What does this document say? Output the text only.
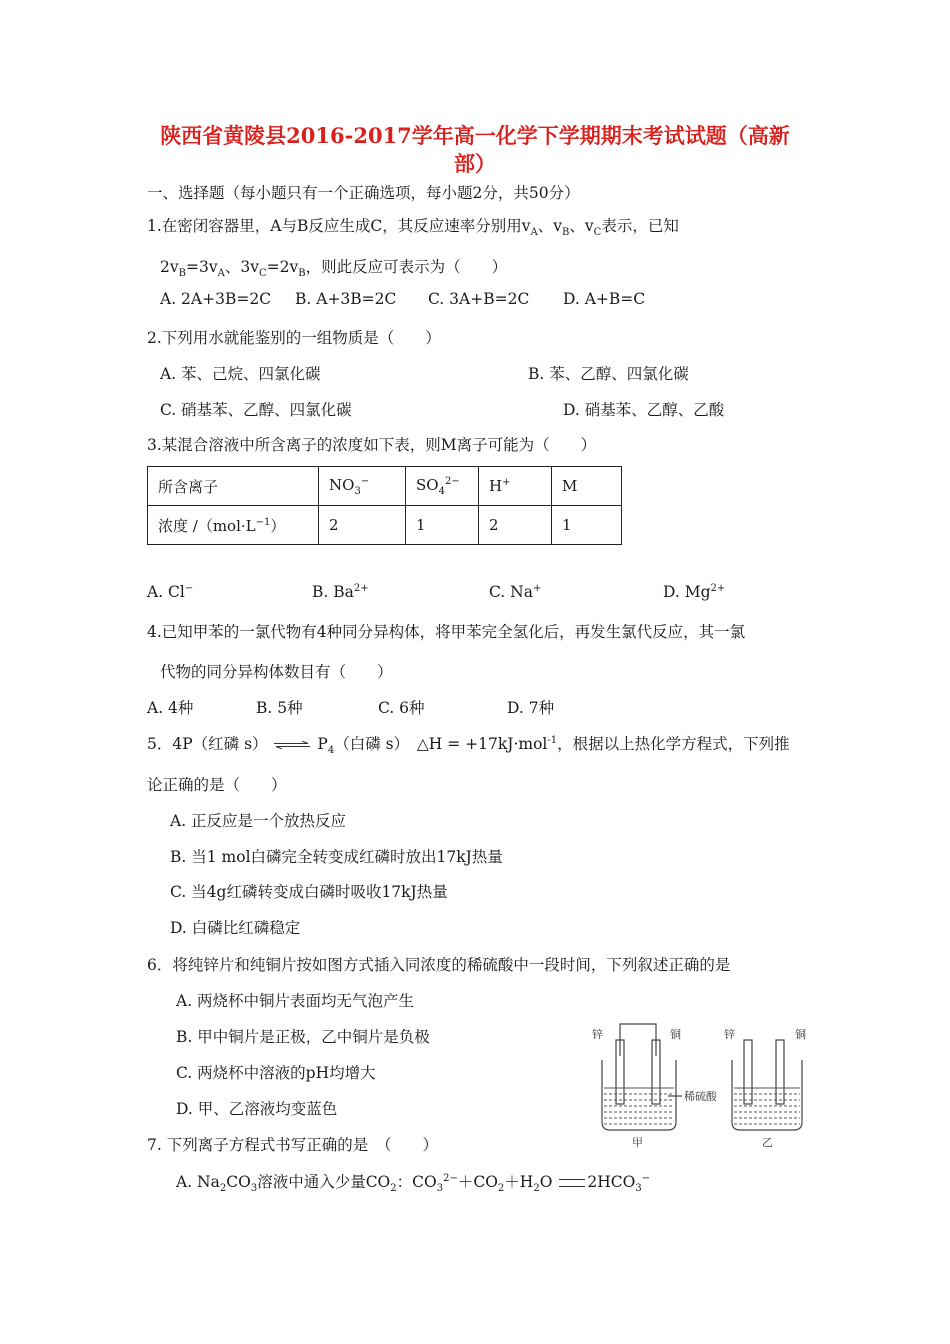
陕西省黄陵县2016-2017学年高一化学下学期期末考试试题（高新
部）
一、选择题（每小题只有一个正确选项，每小题2分，共50分）
1.在密闭容器里，A与B反应生成C，其反应速率分别用$v_A$、$v_B$、$v_C$表示，已知
$2v_B=3v_A$、$3v_C=2v_B$，则此反应可表示为（　　）
A. 2A+3B=2C B. A+3B=2C C. 3A+B=2C D. A+B=C
2.下列用水就能鉴别的一组物质是（　　）
A. 苯、己烷、四氯化碳	B. 苯、乙醇、四氯化碳
C. 硝基苯、乙醇、四氯化碳	D. 硝基苯、乙醇、乙酸
3.某混合溶液中所含离子的浓度如下表，则M离子可能为（　　）
所含离子	$NO_3^-$	$SO_4^{2-}$	H+	M
浓度 $/(mol\cdot L^{-1})$	2	1	2	1
A. Cl−	B. $Ba^{2+}$	C. Na+	D. $Mg^{2+}$
4.已知甲苯的一氯代物有4种同分异构体，将甲苯完全氢化后，再发生氯代反应，其一氯
代物的同分异构体数目有（　　）
A. 4种	B. 5种	C. 6种	D. 7种
5．4P（红磷 s） ⇌ $P_4$（白磷 s）　△H = +17kJ·mol$^{-1}$，根据以上热化学方程式，下列推
论正确的是（　　）
A. 正反应是一个放热反应
B. 当1 mol白磷完全转变成红磷时放出17kJ热量
C. 当4g红磷转变成白磷时吸收17kJ热量
D. 白磷比红磷稳定
6．将纯锌片和纯铜片按如图方式插入同浓度的稀硫酸中一段时间，下列叙述正确的是
A. 两烧杯中铜片表面均无气泡产生
B. 甲中铜片是正极，乙中铜片是负极
C. 两烧杯中溶液的pH均增大
D. 甲、乙溶液均变蓝色
锌	铜	锌	铜
稀硫酸
甲	乙
7. 下列离子方程式书写正确的是　（　　）
A. $Na_2CO_3$溶液中通入少量$CO_2$：$CO_3^{2-}+CO_2+H_2O$ $2HCO_3^-$
